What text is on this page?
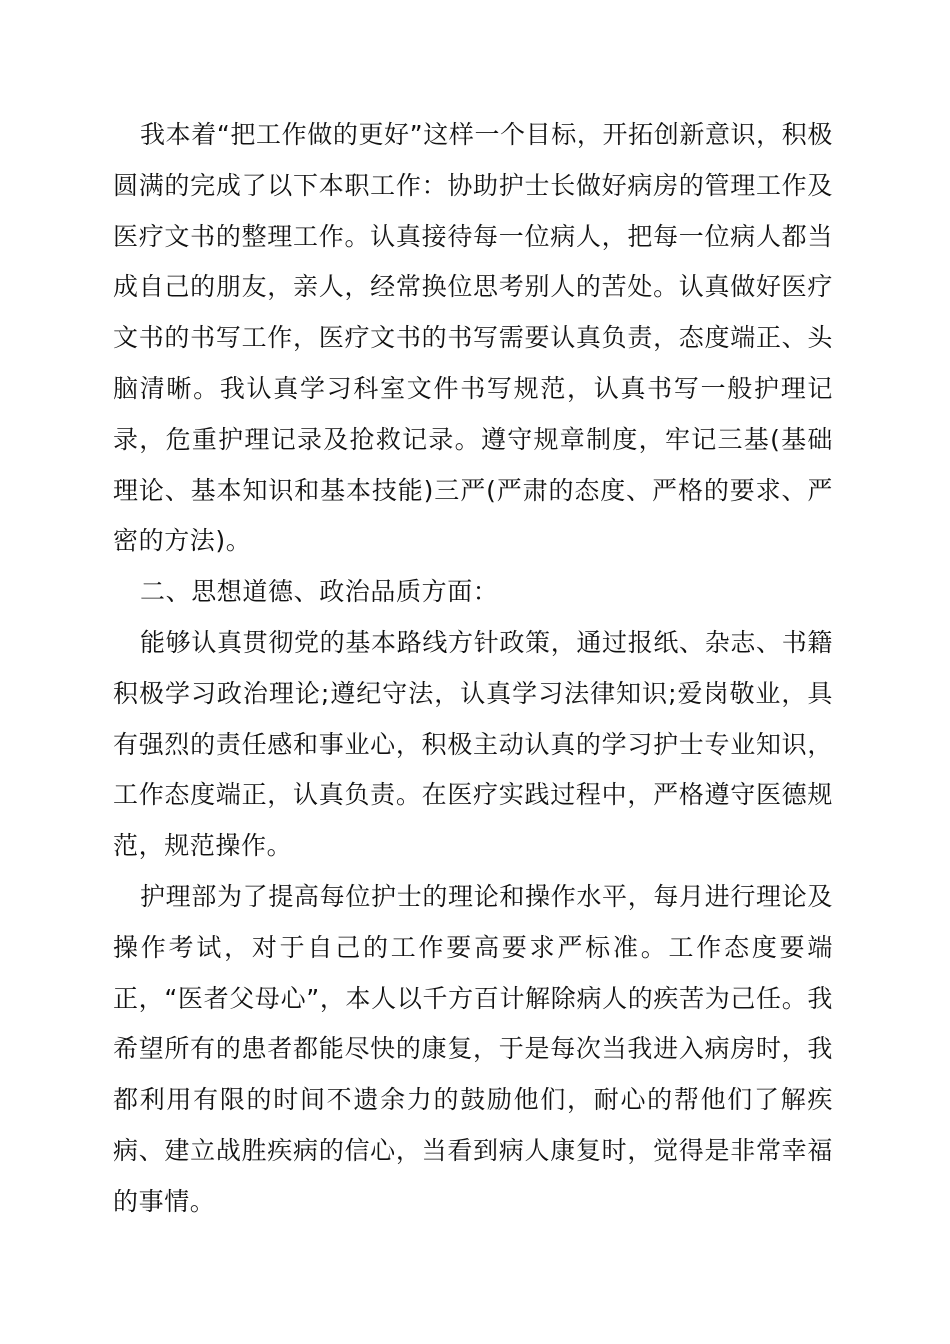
我本着“把工作做的更好”这样一个目标，开拓创新意识，积极圆满的完成了以下本职工作：协助护士长做好病房的管理工作及医疗文书的整理工作。认真接待每一位病人，把每一位病人都当成自己的朋友，亲人，经常换位思考别人的苦处。认真做好医疗文书的书写工作，医疗文书的书写需要认真负责，态度端正、头脑清晰。我认真学习科室文件书写规范，认真书写一般护理记录，危重护理记录及抢救记录。遵守规章制度，牢记三基(基础理论、基本知识和基本技能)三严(严肃的态度、严格的要求、严密的方法)。

二、思想道德、政治品质方面：

能够认真贯彻党的基本路线方针政策，通过报纸、杂志、书籍积极学习政治理论;遵纪守法，认真学习法律知识;爱岗敬业，具有强烈的责任感和事业心，积极主动认真的学习护士专业知识，工作态度端正，认真负责。在医疗实践过程中，严格遵守医德规范，规范操作。

护理部为了提高每位护士的理论和操作水平，每月进行理论及操作考试，对于自己的工作要高要求严标准。工作态度要端正，“医者父母心”，本人以千方百计解除病人的疾苦为己任。我希望所有的患者都能尽快的康复，于是每次当我进入病房时，我都利用有限的时间不遗余力的鼓励他们，耐心的帮他们了解疾病、建立战胜疾病的信心，当看到病人康复时，觉得是非常幸福的事情。
